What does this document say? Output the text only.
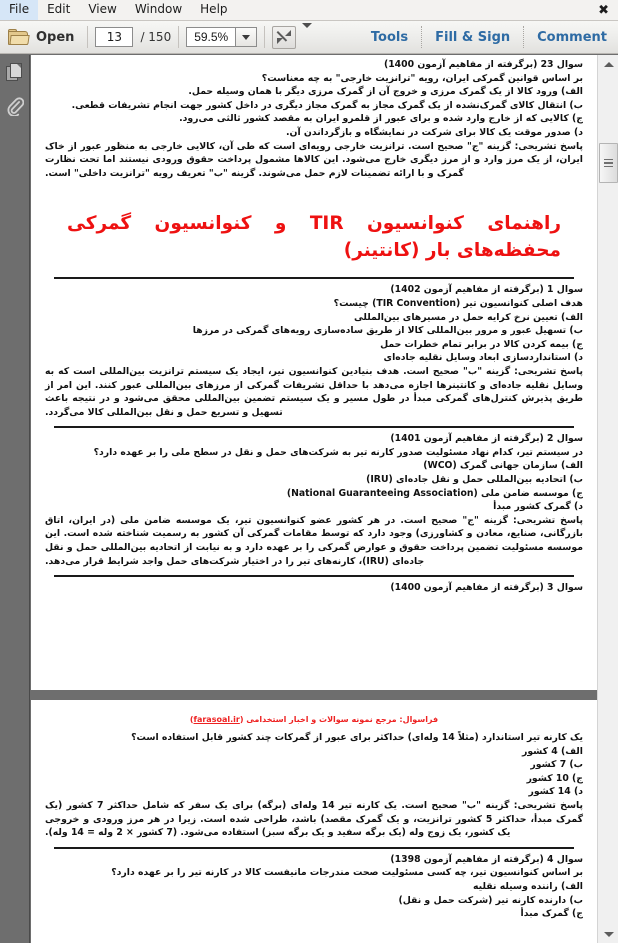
File	Edit	View	Window	Help	✖
Open
13	/ 150
59.5%	Tools Fill & Sign Comment
سوال 23 (برگرفته از مفاهیم آزمون 1400)
بر اساس قوانین گمرکی ایران، رویه "ترانزیت خارجی" به چه معناست؟
الف) ورود کالا از یک گمرک مرزی و خروج آن از گمرک مرزی دیگر با همان وسیله حمل.
ب) انتقال کالای گمرک‌نشده از یک گمرک مجاز به گمرک مجاز دیگری در داخل کشور جهت انجام تشریفات قطعی.
ج) کالایی که از خارج وارد شده و برای عبور از قلمرو ایران به مقصد کشور ثالثی می‌رود.
د) صدور موقت یک کالا برای شرکت در نمایشگاه و بازگرداندن آن.
پاسخ تشریحی: گزینه "ج" صحیح است. ترانزیت خارجی رویه‌ای است که طی آن، کالایی خارجی به منظور عبور از خاک ایران، از یک مرز وارد و از مرز دیگری خارج می‌شود. این کالاها مشمول پرداخت حقوق ورودی نیستند اما تحت نظارت گمرک و با ارائه تضمینات لازم حمل می‌شوند. گزینه "ب" تعریف رویه "ترانزیت داخلی" است.
راهنمای کنوانسیون TIR و کنوانسیون گمرکی
محفظه‌های بار (کانتینر)
سوال 1 (برگرفته از مفاهیم آزمون 1402)
هدف اصلی کنوانسیون تیر (TIR Convention) چیست؟
الف) تعیین نرخ کرایه حمل در مسیرهای بین‌المللی
ب) تسهیل عبور و مرور بین‌المللی کالا از طریق ساده‌سازی رویه‌های گمرکی در مرزها
ج) بیمه کردن کالا در برابر تمام خطرات حمل
د) استانداردسازی ابعاد وسایل نقلیه جاده‌ای
پاسخ تشریحی: گزینه "ب" صحیح است. هدف بنیادین کنوانسیون تیر، ایجاد یک سیستم ترانزیت بین‌المللی است که به وسایل نقلیه جاده‌ای و کانتینرها اجازه می‌دهد با حداقل تشریفات گمرکی از مرزهای بین‌المللی عبور کنند. این امر از طریق پذیرش کنترل‌های گمرکی مبدأ در طول مسیر و یک سیستم تضمین بین‌المللی محقق می‌شود و در نتیجه باعث تسهیل و تسریع حمل و نقل بین‌المللی کالا می‌گردد.
سوال 2 (برگرفته از مفاهیم آزمون 1401)
در سیستم تیر، کدام نهاد مسئولیت صدور کارنه تیر به شرکت‌های حمل و نقل در سطح ملی را بر عهده دارد؟
الف) سازمان جهانی گمرک (WCO)
ب) اتحادیه بین‌المللی حمل و نقل جاده‌ای (IRU)
ج) موسسه ضامن ملی (National Guaranteeing Association)
د) گمرک کشور مبدأ
پاسخ تشریحی: گزینه "ج" صحیح است. در هر کشور عضو کنوانسیون تیر، یک موسسه ضامن ملی (در ایران، اتاق بازرگانی، صنایع، معادن و کشاورزی) وجود دارد که توسط مقامات گمرکی آن کشور به رسمیت شناخته شده است. این موسسه مسئولیت تضمین پرداخت حقوق و عوارض گمرکی را بر عهده دارد و به نیابت از اتحادیه بین‌المللی حمل و نقل جاده‌ای (IRU)، کارنه‌های تیر را در اختیار شرکت‌های حمل واجد شرایط قرار می‌دهد.
سوال 3 (برگرفته از مفاهیم آزمون 1400)
فراسوال: مرجع نمونه سوالات و اخبار استخدامی (farasoal.ir)
یک کارنه تیر استاندارد (مثلاً 14 وله‌ای) حداکثر برای عبور از گمرکات چند کشور قابل استفاده است؟
الف) 4 کشور
ب) 7 کشور
ج) 10 کشور
د) 14 کشور
پاسخ تشریحی: گزینه "ب" صحیح است. یک کارنه تیر 14 وله‌ای (برگه) برای یک سفر که شامل حداکثر 7 کشور (یک گمرک مبدأ، حداکثر 5 کشور ترانزیت، و یک گمرک مقصد) باشد، طراحی شده است. زیرا در هر مرز ورودی و خروجی یک کشور، یک زوج وله (یک برگه سفید و یک برگه سبز) استفاده می‌شود. (7 کشور × 2 وله = 14 وله).
سوال 4 (برگرفته از مفاهیم آزمون 1398)
بر اساس کنوانسیون تیر، چه کسی مسئولیت صحت مندرجات مانیفست کالا در کارنه تیر را بر عهده دارد؟
الف) راننده وسیله نقلیه
ب) دارنده کارنه تیر (شرکت حمل و نقل)
ج) گمرک مبدأ
